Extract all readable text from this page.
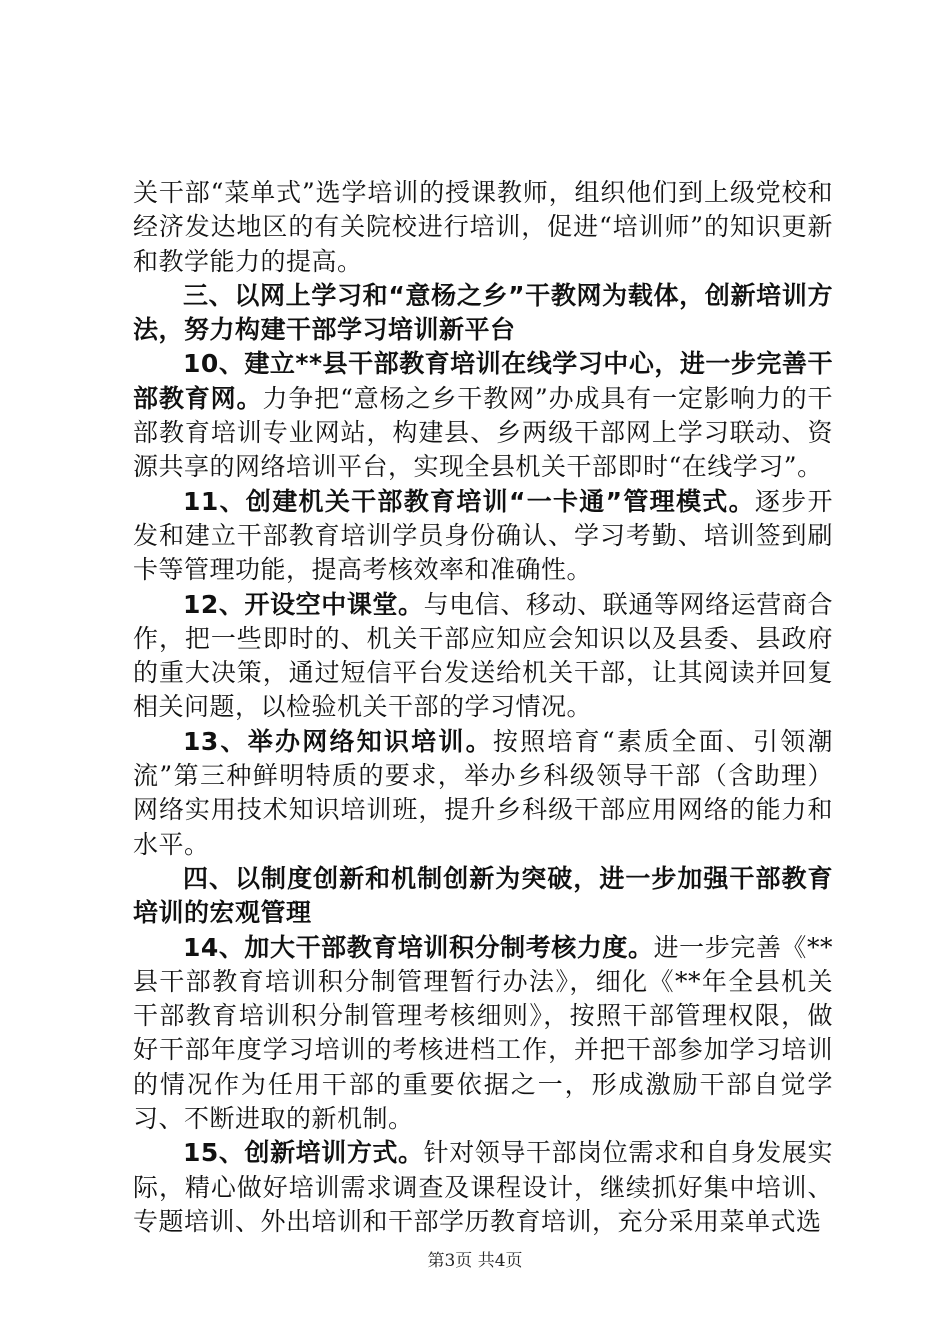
关干部“菜单式”选学培训的授课教师，组织他们到上级党校和经济发达地区的有关院校进行培训，促进“培训师”的知识更新和教学能力的提高。

三、以网上学习和“意杨之乡”干教网为载体，创新培训方法，努力构建干部学习培训新平台

10、建立**县干部教育培训在线学习中心，进一步完善干部教育网。力争把“意杨之乡干教网”办成具有一定影响力的干部教育培训专业网站，构建县、乡两级干部网上学习联动、资源共享的网络培训平台，实现全县机关干部即时“在线学习”。

11、创建机关干部教育培训“一卡通”管理模式。逐步开发和建立干部教育培训学员身份确认、学习考勤、培训签到刷卡等管理功能，提高考核效率和准确性。

12、开设空中课堂。与电信、移动、联通等网络运营商合作，把一些即时的、机关干部应知应会知识以及县委、县政府的重大决策，通过短信平台发送给机关干部，让其阅读并回复相关问题，以检验机关干部的学习情况。

13、举办网络知识培训。按照培育“素质全面、引领潮流”第三种鲜明特质的要求，举办乡科级领导干部（含助理）网络实用技术知识培训班，提升乡科级干部应用网络的能力和水平。

四、以制度创新和机制创新为突破，进一步加强干部教育培训的宏观管理

14、加大干部教育培训积分制考核力度。进一步完善《**县干部教育培训积分制管理暂行办法》，细化《**年全县机关干部教育培训积分制管理考核细则》，按照干部管理权限，做好干部年度学习培训的考核进档工作，并把干部参加学习培训的情况作为任用干部的重要依据之一，形成激励干部自觉学习、不断进取的新机制。

15、创新培训方式。针对领导干部岗位需求和自身发展实际，精心做好培训需求调查及课程设计，继续抓好集中培训、专题培训、外出培训和干部学历教育培训，充分采用菜单式选

第3页 共4页
